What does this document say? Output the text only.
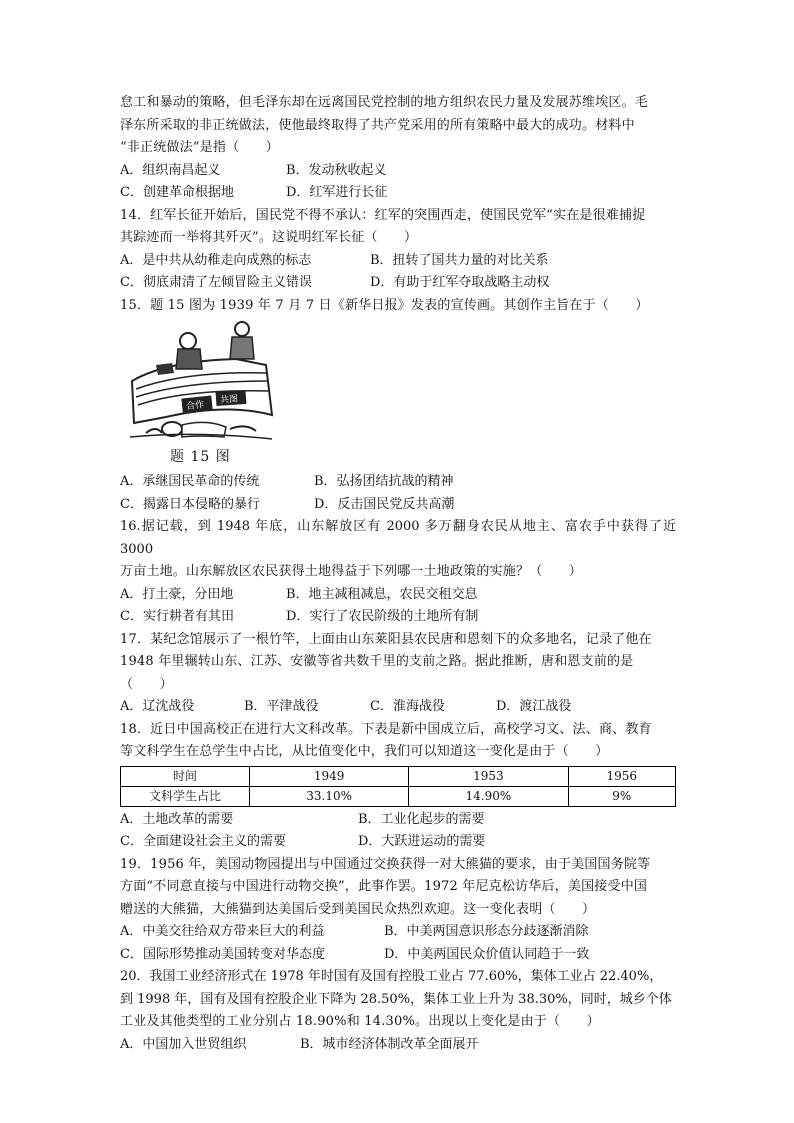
怠工和暴动的策略，但毛泽东却在远离国民党控制的地方组织农民力量及发展苏维埃区。毛

泽东所采取的非正统做法，使他最终取得了共产党采用的所有策略中最大的成功。材料中

“非正统做法”是指（　　）

A．组织南昌起义	B．发动秋收起义
C．创建革命根据地	D．红军进行长征

14．红军长征开始后，国民党不得不承认：红军的突围西走，使国民党军“实在是很难捕捉

其踪迹而一举将其歼灭”。这说明红军长征（　　）

A．是中共从幼稚走向成熟的标志	B．扭转了国共力量的对比关系
C．彻底肃清了左倾冒险主义错误	D．有助于红军夺取战略主动权

15．题 15 图为 1939 年 7 月 7 日《新华日报》发表的宣传画。其创作主旨在于（　　）

合作
共图
题 15 图
A．承继国民革命的传统	B．弘扬团结抗战的精神
C．揭露日本侵略的暴行	D．反击国民党反共高潮

16.据记载，到 1948 年底，山东解放区有 2000 多万翻身农民从地主、富农手中获得了近 3000

万亩土地。山东解放区农民获得土地得益于下列哪一土地政策的实施？（　　）

A．打土豪，分田地	B．地主减租减息，农民交租交息
C．实行耕者有其田	D．实行了农民阶级的土地所有制

17．某纪念馆展示了一根竹竿，上面由山东莱阳县农民唐和恩刻下的众多地名，记录了他在

1948 年里辗转山东、江苏、安徽等省共数千里的支前之路。据此推断，唐和恩支前的是

（　　）

A．辽沈战役	B．平津战役	C．淮海战役	D．渡江战役

18．近日中国高校正在进行大文科改革。下表是新中国成立后，高校学习文、法、商、教育

等文科学生在总学生中占比，从比值变化中，我们可以知道这一变化是由于（　　）

时间	1949	1953	1956
文科学生占比	33.10%	14.90%	9%
A．土地改革的需要	B．工业化起步的需要
C．全面建设社会主义的需要	D．大跃进运动的需要

19．1956 年，美国动物园提出与中国通过交换获得一对大熊猫的要求，由于美国国务院等

方面“不同意直接与中国进行动物交换”，此事作罢。1972 年尼克松访华后，美国接受中国

赠送的大熊猫，大熊猫到达美国后受到美国民众热烈欢迎。这一变化表明（　　）

A．中美交往给双方带来巨大的利益	B．中美两国意识形态分歧逐渐消除
C．国际形势推动美国转变对华态度	D．中美两国民众价值认同趋于一致

20．我国工业经济形式在 1978 年时国有及国有控股工业占 77.60%，集体工业占 22.40%，

到 1998 年，国有及国有控股企业下降为 28.50%，集体工业上升为 38.30%，同时，城乡个体

工业及其他类型的工业分别占 18.90%和 14.30%。出现以上变化是由于（　　）

A．中国加入世贸组织	B．城市经济体制改革全面展开
